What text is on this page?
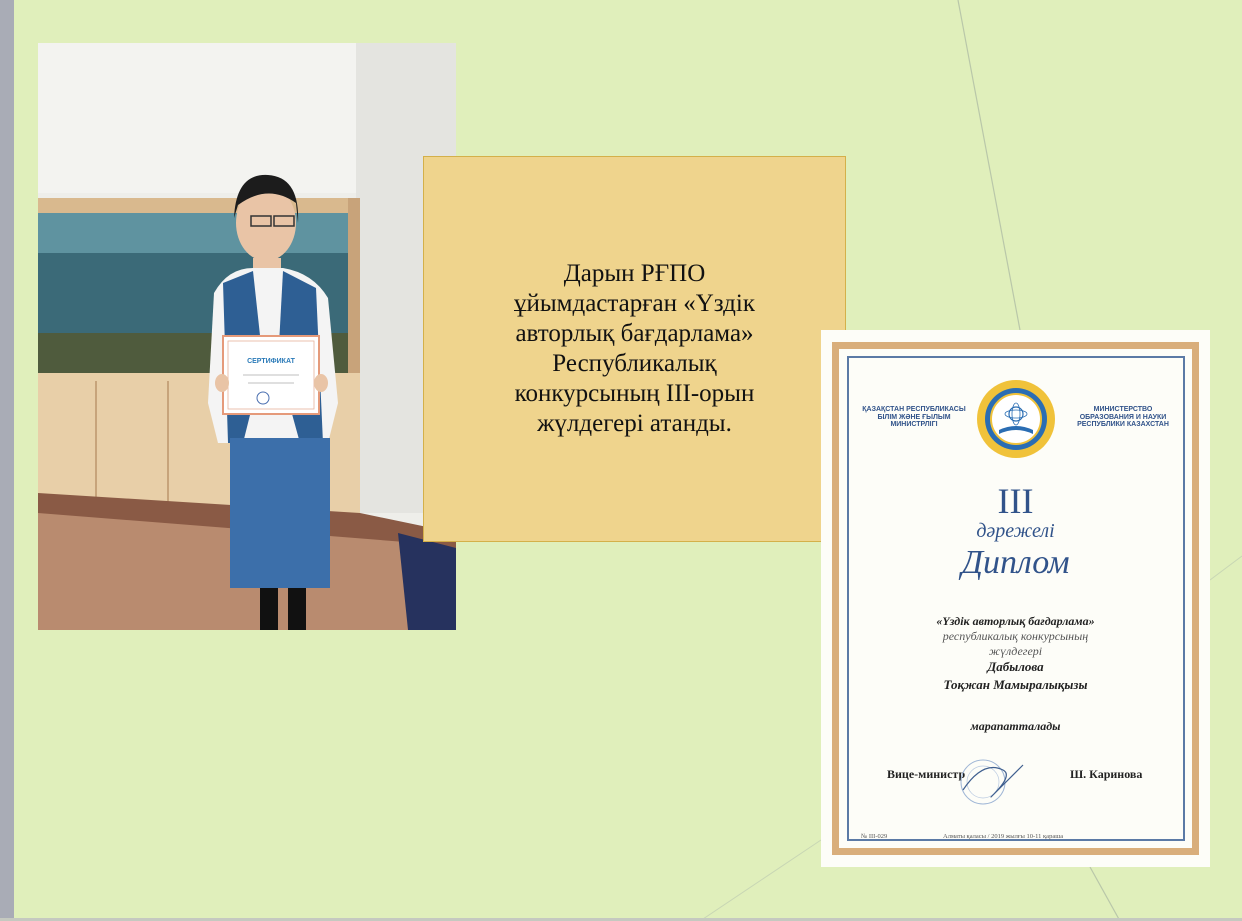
СЕРТИФИКАТ
Дарын РҒПО ұйымдастарған «Үздік авторлық бағдарлама» Республикалық конкурсының ІІІ-орын жүлдегері атанды.
ҚАЗАҚСТАН РЕСПУБЛИКАСЫ БІЛІМ ЖӘНЕ ҒЫЛЫМ МИНИСТРЛІГІ
МИНИСТЕРСТВО ОБРАЗОВАНИЯ И НАУКИ РЕСПУБЛИКИ КАЗАХСТАН
III
дәрежелі
Диплом
«Үздік авторлық бағдарлама»
республикалық конкурсының
жүлдегері
Дабылова
Тоқжан Мамыралықызы
марапатталады
Вице-министр	Ш. Каринова
№ III-029	Алматы қаласы / 2019 жылғы 10-11 қараша
